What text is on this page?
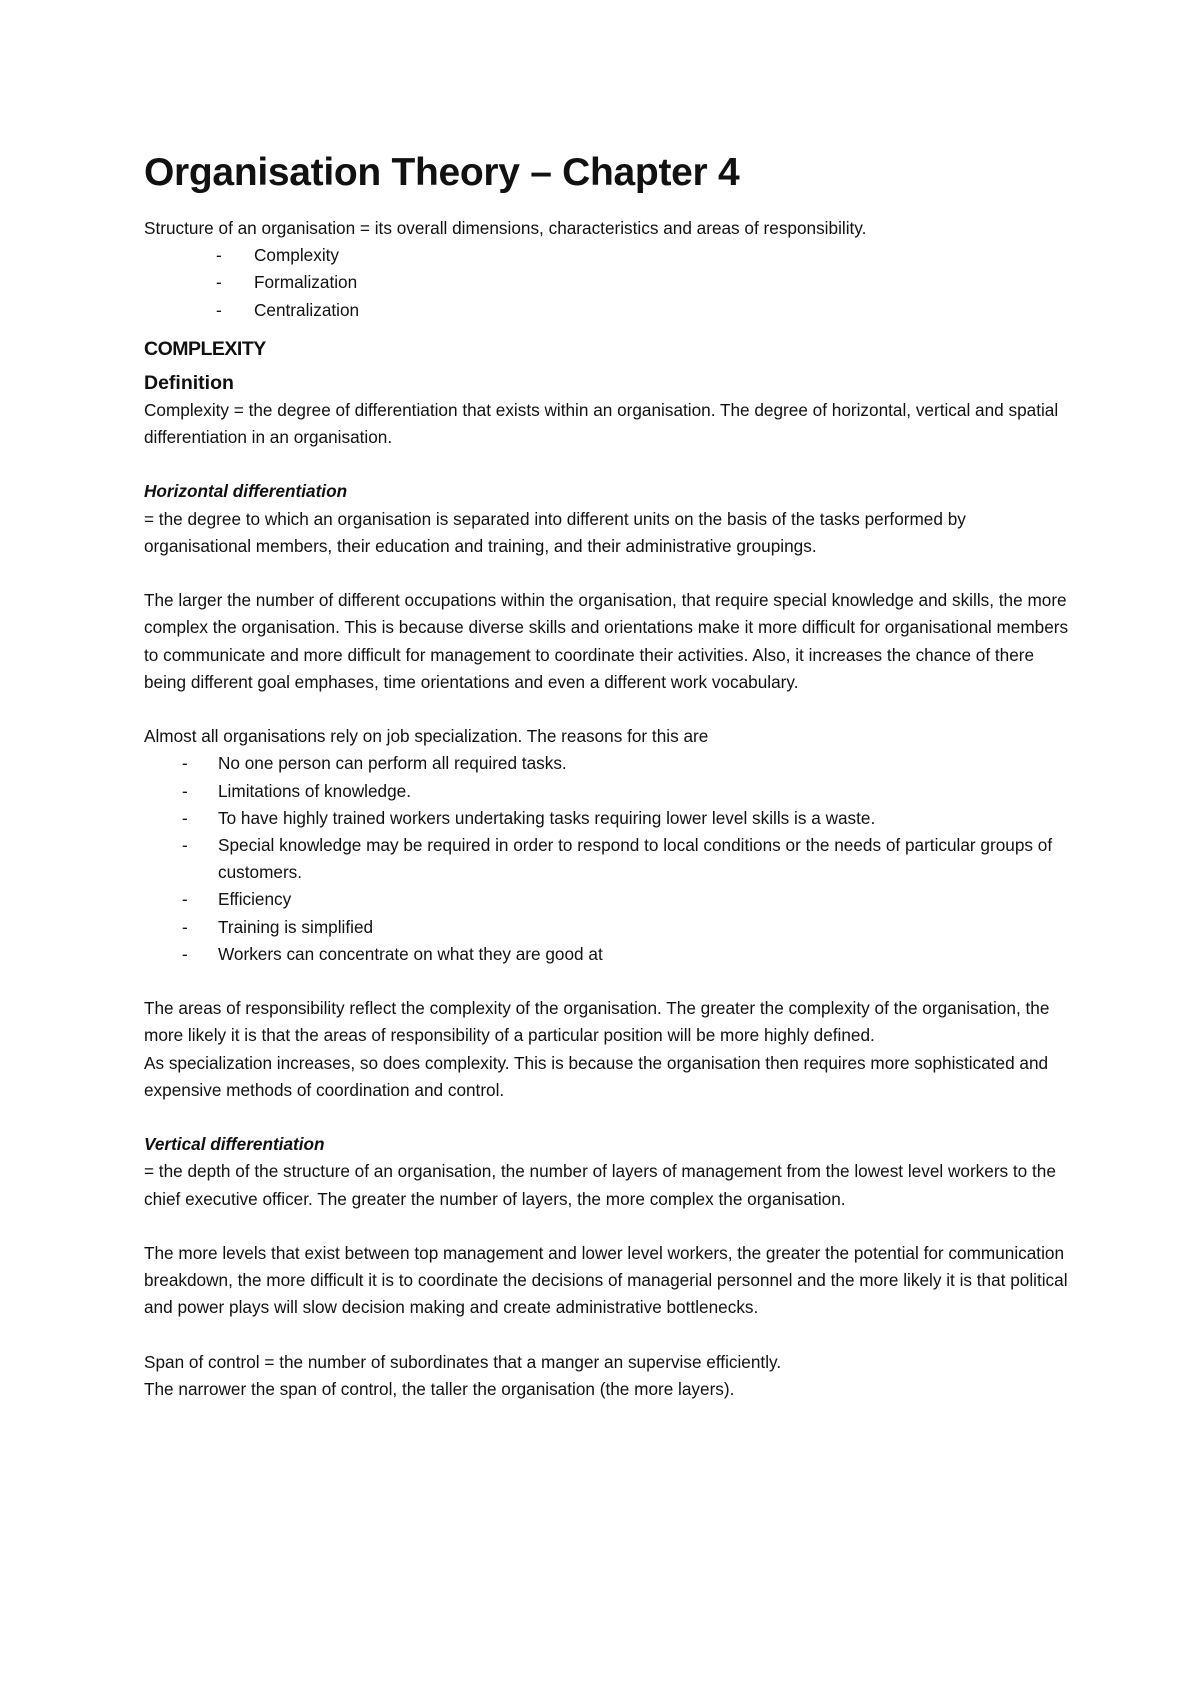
Organisation Theory – Chapter 4

Structure of an organisation = its overall dimensions, characteristics and areas of responsibility.

- Complexity
- Formalization
- Centralization

COMPLEXITY

Definition

Complexity = the degree of differentiation that exists within an organisation. The degree of horizontal, vertical and spatial differentiation in an organisation.

Horizontal differentiation

= the degree to which an organisation is separated into different units on the basis of the tasks performed by organisational members, their education and training, and their administrative groupings.

The larger the number of different occupations within the organisation, that require special knowledge and skills, the more complex the organisation. This is because diverse skills and orientations make it more difficult for organisational members to communicate and more difficult for management to coordinate their activities. Also, it increases the chance of there being different goal emphases, time orientations and even a different work vocabulary.

Almost all organisations rely on job specialization. The reasons for this are

- No one person can perform all required tasks.
- Limitations of knowledge.
- To have highly trained workers undertaking tasks requiring lower level skills is a waste.
- Special knowledge may be required in order to respond to local conditions or the needs of particular groups of customers.
- Efficiency
- Training is simplified
- Workers can concentrate on what they are good at

The areas of responsibility reflect the complexity of the organisation. The greater the complexity of the organisation, the more likely it is that the areas of responsibility of a particular position will be more highly defined.

As specialization increases, so does complexity. This is because the organisation then requires more sophisticated and expensive methods of coordination and control.

Vertical differentiation

= the depth of the structure of an organisation, the number of layers of management from the lowest level workers to the chief executive officer. The greater the number of layers, the more complex the organisation.

The more levels that exist between top management and lower level workers, the greater the potential for communication breakdown, the more difficult it is to coordinate the decisions of managerial personnel and the more likely it is that political and power plays will slow decision making and create administrative bottlenecks.

Span of control = the number of subordinates that a manger an supervise efficiently.

The narrower the span of control, the taller the organisation (the more layers).
